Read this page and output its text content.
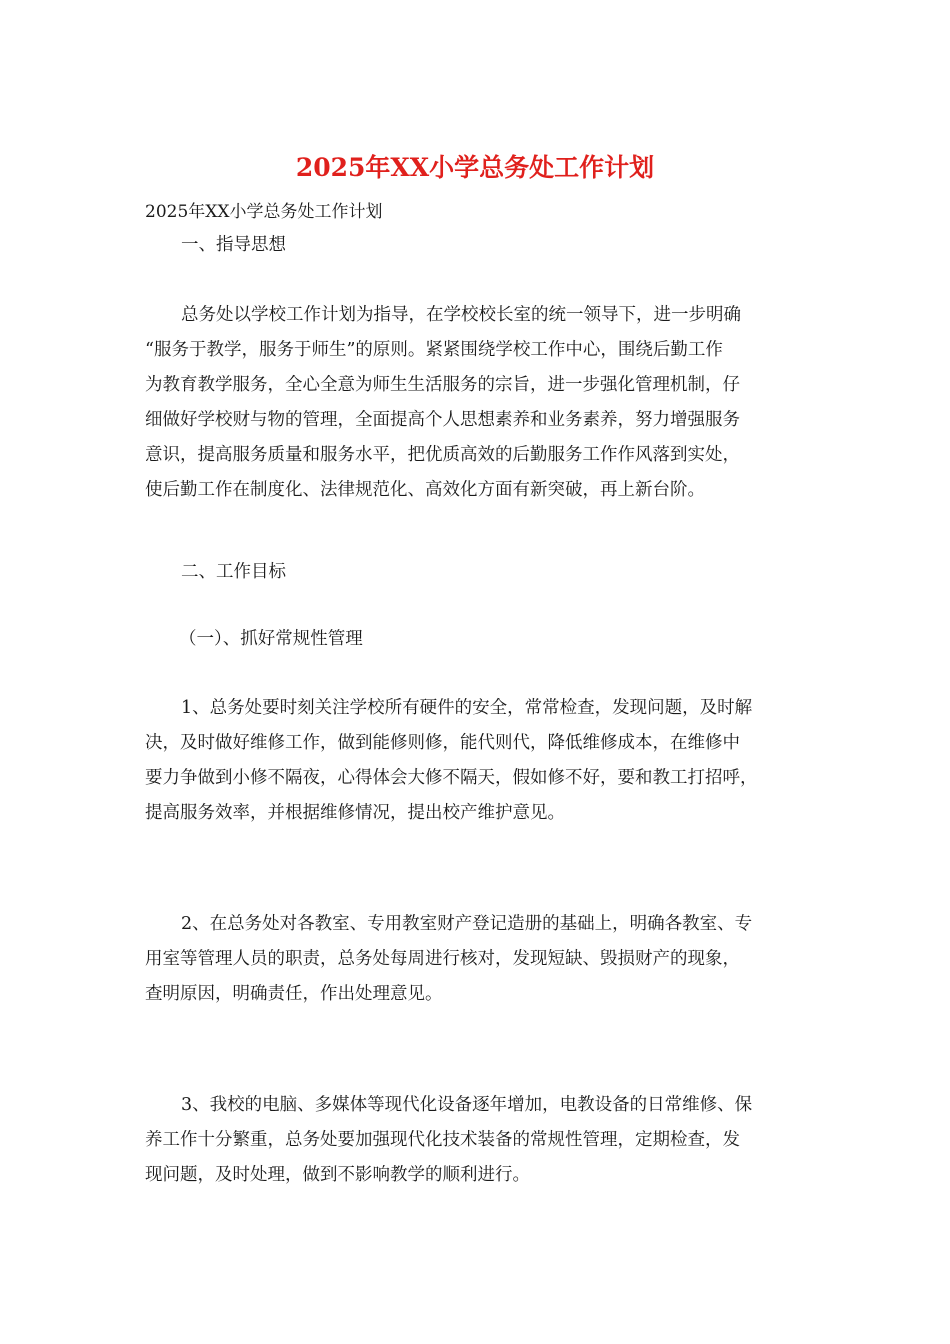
2025年XX小学总务处工作计划

2025年XX小学总务处工作计划

一、指导思想

总务处以学校工作计划为指导，在学校校长室的统一领导下，进一步明确
“服务于教学，服务于师生”的原则。紧紧围绕学校工作中心，围绕后勤工作
为教育教学服务，全心全意为师生生活服务的宗旨，进一步强化管理机制，仔
细做好学校财与物的管理，全面提高个人思想素养和业务素养，努力增强服务
意识，提高服务质量和服务水平，把优质高效的后勤服务工作作风落到实处，
使后勤工作在制度化、法律规范化、高效化方面有新突破，再上新台阶。

二、工作目标

（一）、抓好常规性管理

1、总务处要时刻关注学校所有硬件的安全，常常检查，发现问题，及时解
决，及时做好维修工作，做到能修则修，能代则代，降低维修成本，在维修中
要力争做到小修不隔夜，心得体会大修不隔天，假如修不好，要和教工打招呼，
提高服务效率，并根据维修情况，提出校产维护意见。
2、在总务处对各教室、专用教室财产登记造册的基础上，明确各教室、专
用室等管理人员的职责，总务处每周进行核对，发现短缺、毁损财产的现象，
查明原因，明确责任，作出处理意见。
3、我校的电脑、多媒体等现代化设备逐年增加，电教设备的日常维修、保
养工作十分繁重，总务处要加强现代化技术装备的常规性管理，定期检查，发
现问题，及时处理，做到不影响教学的顺利进行。
